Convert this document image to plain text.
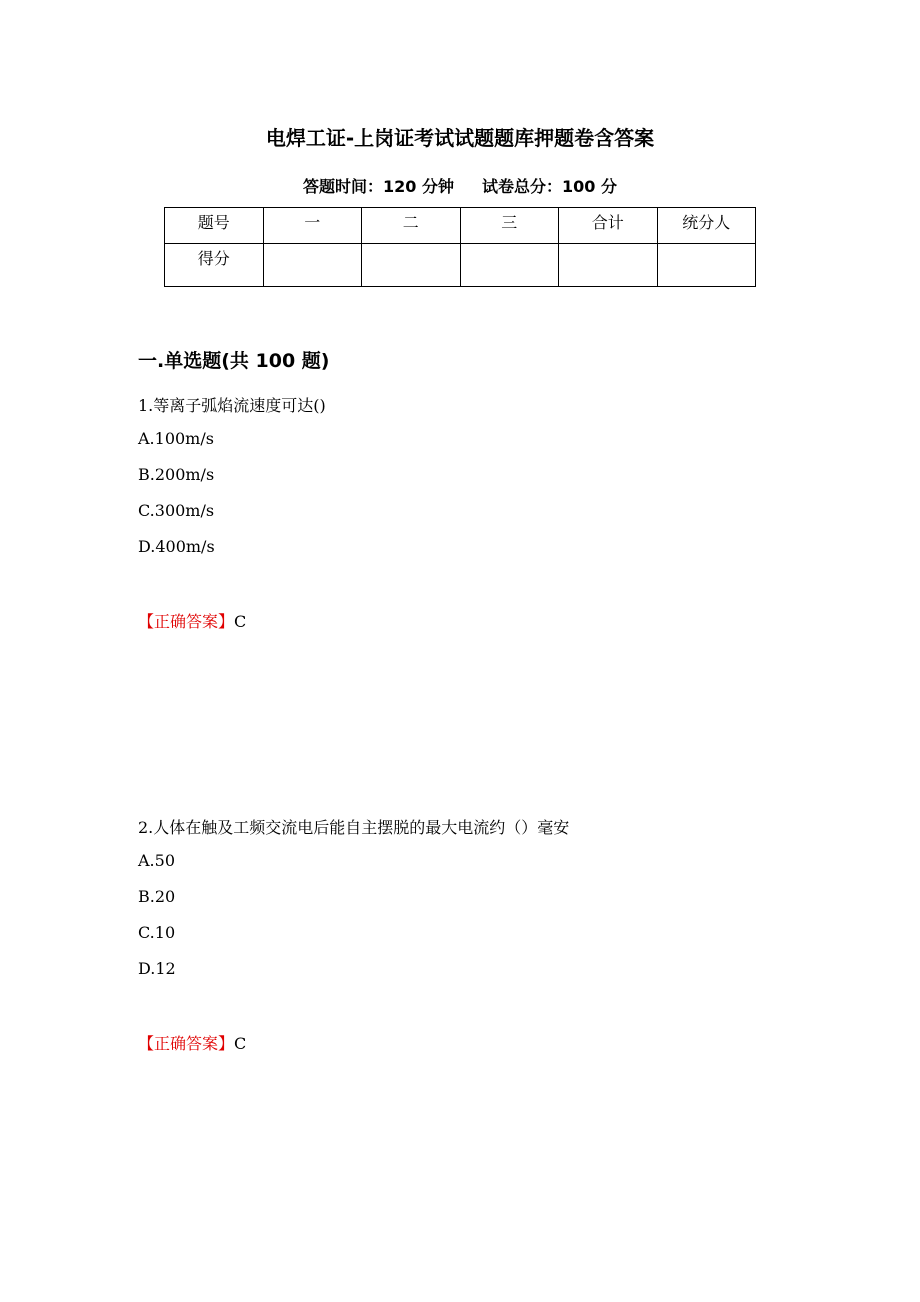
电焊工证-上岗证考试试题题库押题卷含答案
答题时间：120 分钟 试卷总分：100 分
题号	一	二	三	合计	统分人
得分					
一.单选题(共 100 题)
1.等离子弧焰流速度可达()
A.100m/s
B.200m/s
C.300m/s
D.400m/s
【正确答案】C
2.人体在触及工频交流电后能自主摆脱的最大电流约（）毫安
A.50
B.20
C.10
D.12
【正确答案】C
